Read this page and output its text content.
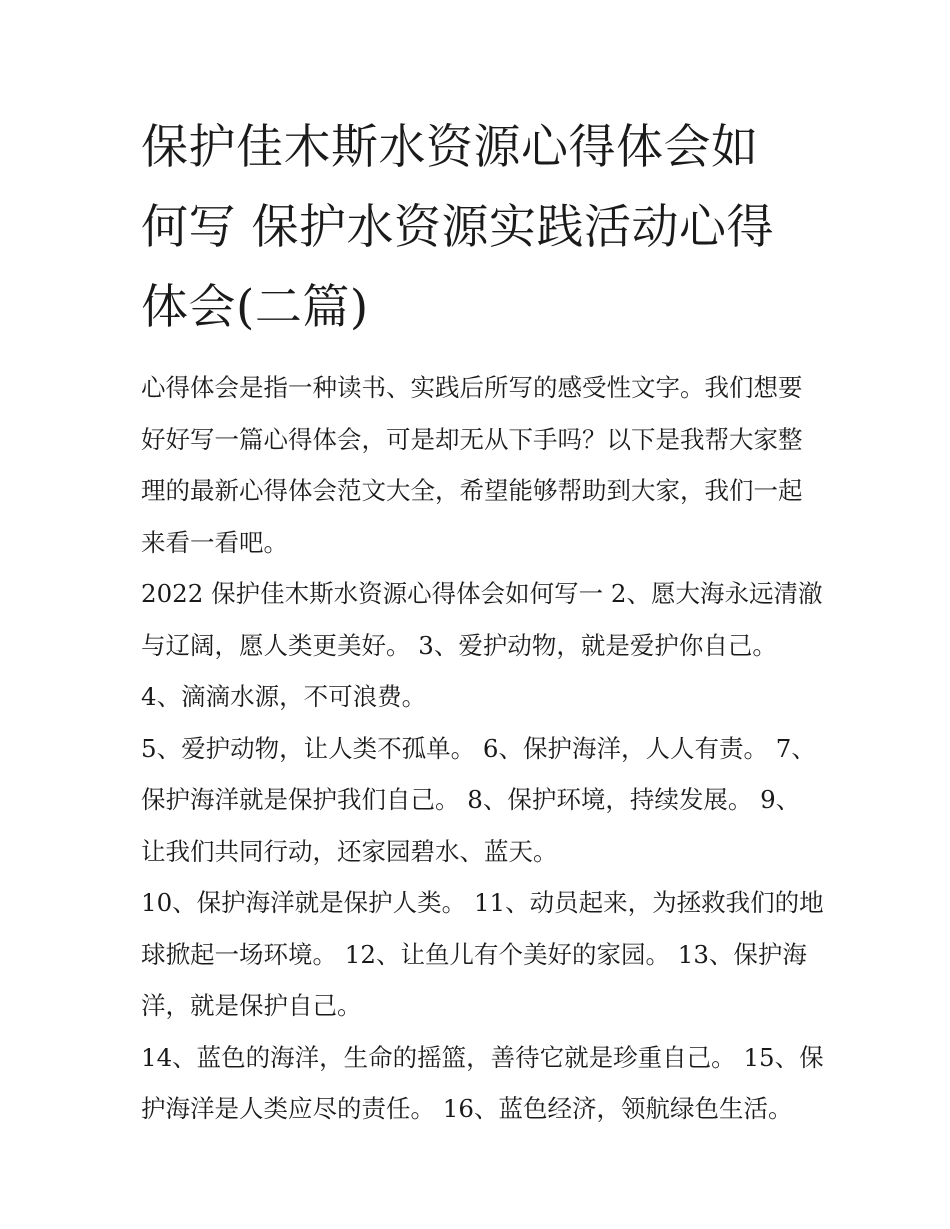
保护佳木斯水资源心得体会如
何写 保护水资源实践活动心得
体会(二篇)

心得体会是指一种读书、实践后所写的感受性文字。我们想要
好好写一篇心得体会，可是却无从下手吗？以下是我帮大家整
理的最新心得体会范文大全，希望能够帮助到大家，我们一起
来看一看吧。

2022 保护佳木斯水资源心得体会如何写一 2、愿大海永远清澈
与辽阔，愿人类更美好。 3、爱护动物，就是爱护你自己。

4、滴滴水源，不可浪费。

5、爱护动物，让人类不孤单。 6、保护海洋，人人有责。 7、
保护海洋就是保护我们自己。 8、保护环境，持续发展。 9、
让我们共同行动，还家园碧水、蓝天。

10、保护海洋就是保护人类。 11、动员起来，为拯救我们的地
球掀起一场环境。 12、让鱼儿有个美好的家园。 13、保护海
洋，就是保护自己。

14、蓝色的海洋，生命的摇篮，善待它就是珍重自己。 15、保
护海洋是人类应尽的责任。 16、蓝色经济，领航绿色生活。
